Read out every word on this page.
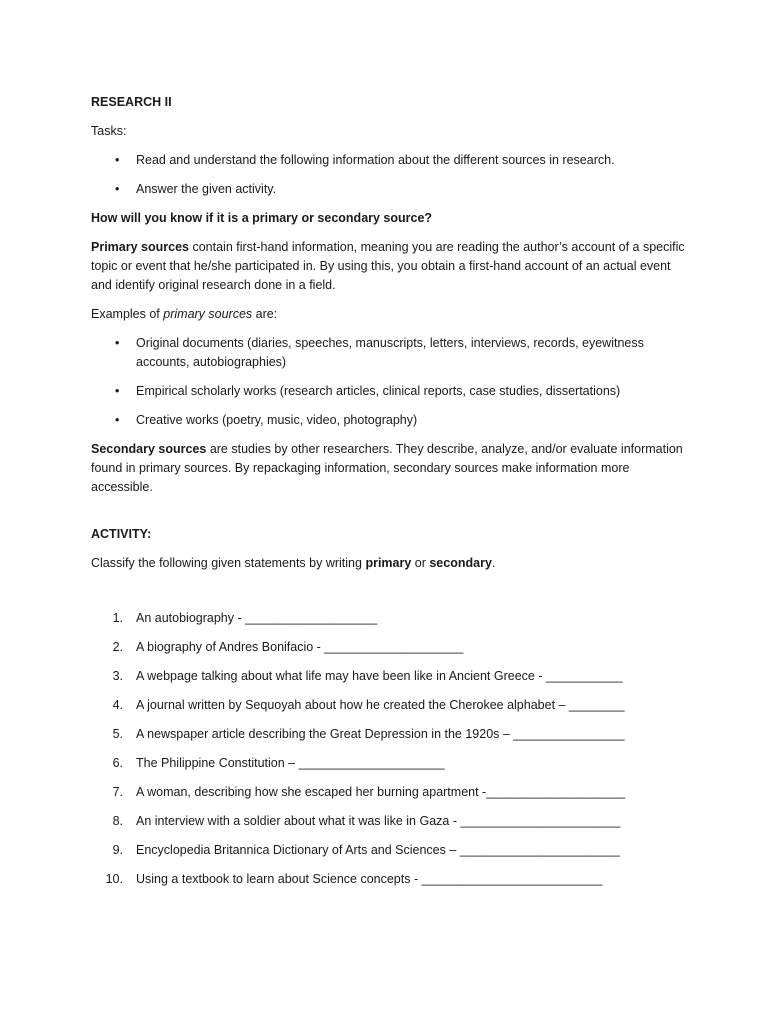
RESEARCH II
Tasks:
• Read and understand the following information about the different sources in research.
• Answer the given activity.
How will you know if it is a primary or secondary source?
Primary sources contain first-hand information, meaning you are reading the author’s account of a specific topic or event that he/she participated in. By using this, you obtain a first-hand account of an actual event and identify original research done in a field.
Examples of primary sources are:
• Original documents (diaries, speeches, manuscripts, letters, interviews, records, eyewitness accounts, autobiographies)
• Empirical scholarly works (research articles, clinical reports, case studies, dissertations)
• Creative works (poetry, music, video, photography)
Secondary sources are studies by other researchers. They describe, analyze, and/or evaluate information found in primary sources. By repackaging information, secondary sources make information more accessible.
ACTIVITY:
Classify the following given statements by writing primary or secondary.
1. An autobiography - ___________________
2. A biography of Andres Bonifacio - ____________________
3. A webpage talking about what life may have been like in Ancient Greece - ___________
4. A journal written by Sequoyah about how he created the Cherokee alphabet – ________
5. A newspaper article describing the Great Depression in the 1920s – ________________
6. The Philippine Constitution – _____________________
7. A woman, describing how she escaped her burning apartment -____________________
8. An interview with a soldier about what it was like in Gaza - _______________________
9. Encyclopedia Britannica Dictionary of Arts and Sciences – _______________________
10. Using a textbook to learn about Science concepts - __________________________
